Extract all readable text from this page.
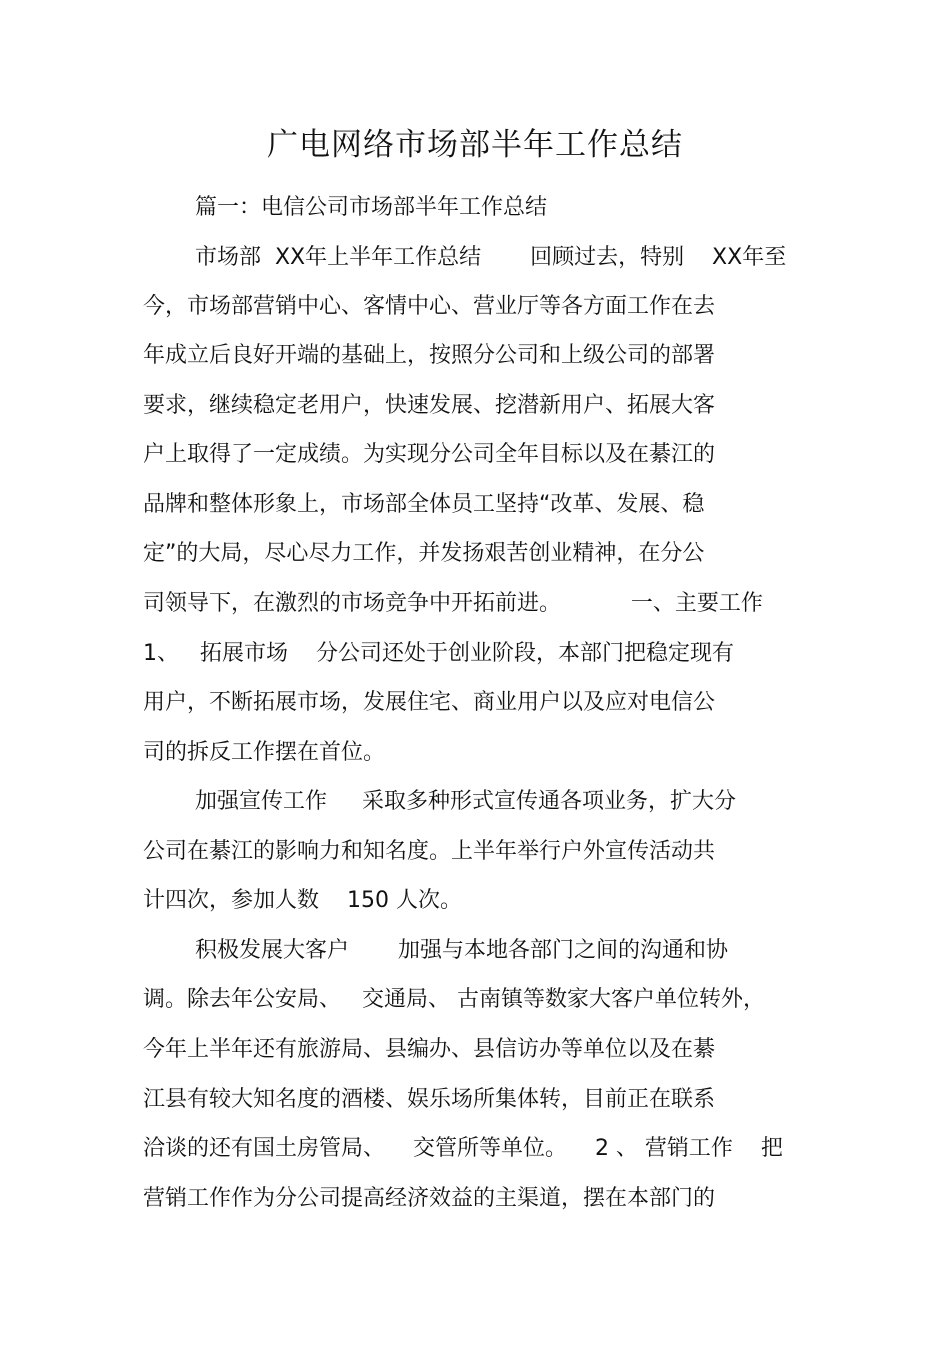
广电网络市场部半年工作总结
篇一：电信公司市场部半年工作总结
市场部  XX年上半年工作总结       回顾过去，特别    XX年至
今，市场部营销中心、客情中心、营业厅等各方面工作在去
年成立后良好开端的基础上，按照分公司和上级公司的部署
要求，继续稳定老用户，快速发展、挖潜新用户、拓展大客
户上取得了一定成绩。为实现分公司全年目标以及在綦江的
品牌和整体形象上，市场部全体员工坚持“改革、发展、稳
定”的大局，尽心尽力工作，并发扬艰苦创业精神，在分公
司领导下，在激烈的市场竞争中开拓前进。          一、主要工作
1、   拓展市场    分公司还处于创业阶段，本部门把稳定现有
用户，不断拓展市场，发展住宅、商业用户以及应对电信公
司的拆反工作摆在首位。
加强宣传工作     采取多种形式宣传通各项业务，扩大分
公司在綦江的影响力和知名度。上半年举行户外宣传活动共
计四次，参加人数    150 人次。
积极发展大客户       加强与本地各部门之间的沟通和协
调。除去年公安局、   交通局、 古南镇等数家大客户单位转外，
今年上半年还有旅游局、县编办、县信访办等单位以及在綦
江县有较大知名度的酒楼、娱乐场所集体转，目前正在联系
洽谈的还有国土房管局、    交管所等单位。    2 、 营销工作    把
营销工作作为分公司提高经济效益的主渠道，摆在本部门的
